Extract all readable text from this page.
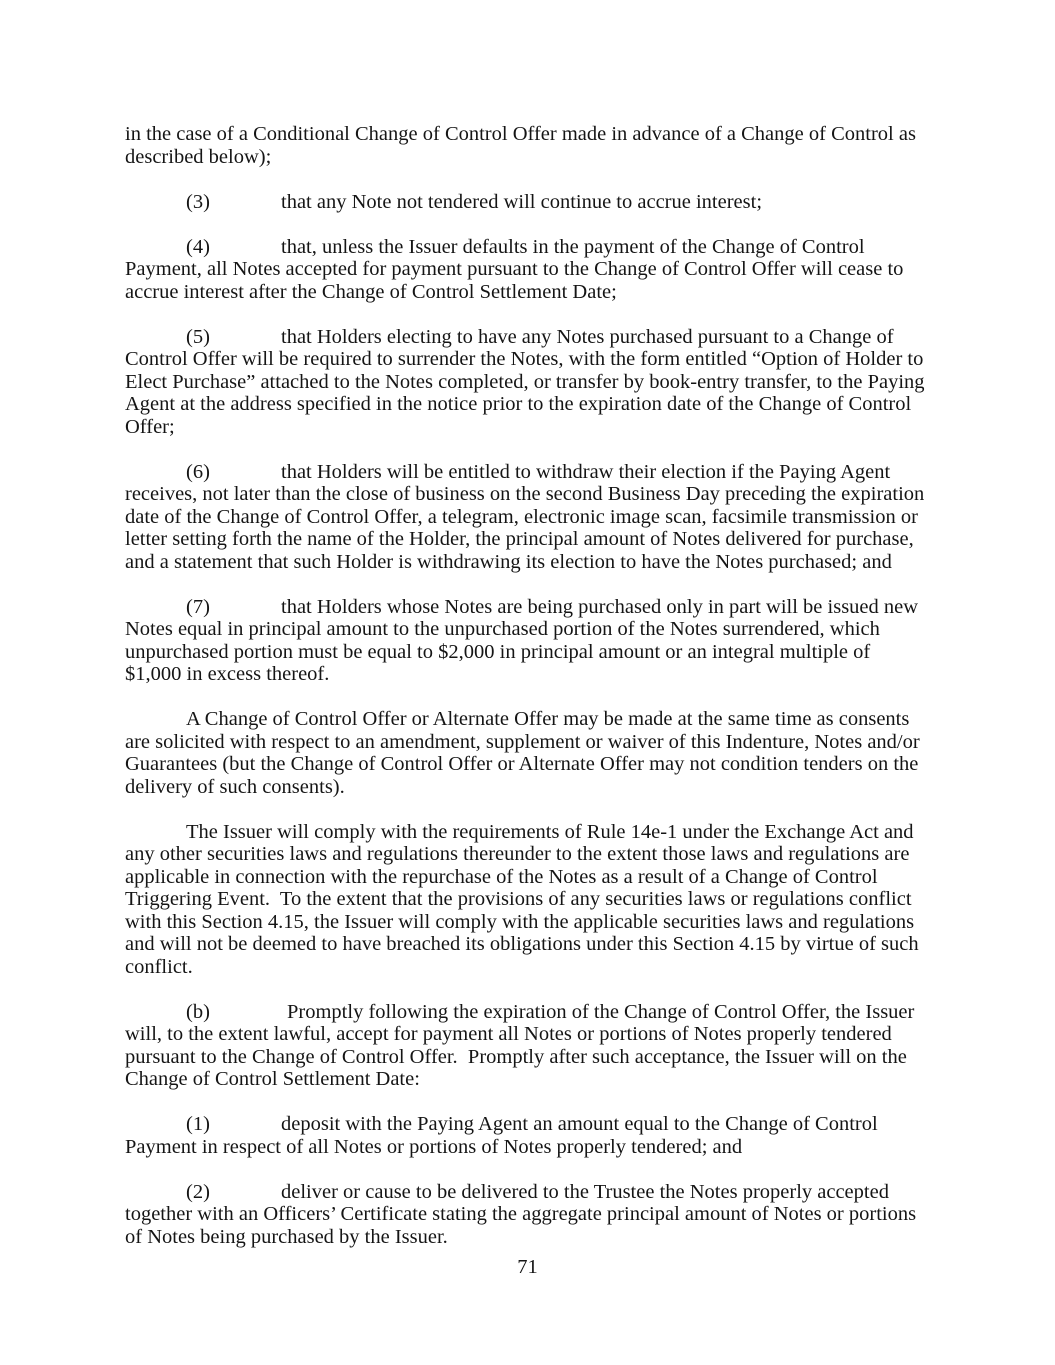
in the case of a Conditional Change of Control Offer made in advance of a Change of Control as described below);

(3)	that any Note not tendered will continue to accrue interest;

(4)	that, unless the Issuer defaults in the payment of the Change of Control Payment, all Notes accepted for payment pursuant to the Change of Control Offer will cease to accrue interest after the Change of Control Settlement Date;

(5)	that Holders electing to have any Notes purchased pursuant to a Change of Control Offer will be required to surrender the Notes, with the form entitled “Option of Holder to Elect Purchase” attached to the Notes completed, or transfer by book-entry transfer, to the Paying Agent at the address specified in the notice prior to the expiration date of the Change of Control Offer;

(6)	that Holders will be entitled to withdraw their election if the Paying Agent receives, not later than the close of business on the second Business Day preceding the expiration date of the Change of Control Offer, a telegram, electronic image scan, facsimile transmission or letter setting forth the name of the Holder, the principal amount of Notes delivered for purchase, and a statement that such Holder is withdrawing its election to have the Notes purchased; and

(7)	that Holders whose Notes are being purchased only in part will be issued new Notes equal in principal amount to the unpurchased portion of the Notes surrendered, which unpurchased portion must be equal to $2,000 in principal amount or an integral multiple of $1,000 in excess thereof.

A Change of Control Offer or Alternate Offer may be made at the same time as consents are solicited with respect to an amendment, supplement or waiver of this Indenture, Notes and/or Guarantees (but the Change of Control Offer or Alternate Offer may not condition tenders on the delivery of such consents).

The Issuer will comply with the requirements of Rule 14e-1 under the Exchange Act and any other securities laws and regulations thereunder to the extent those laws and regulations are applicable in connection with the repurchase of the Notes as a result of a Change of Control Triggering Event.  To the extent that the provisions of any securities laws or regulations conflict with this Section 4.15, the Issuer will comply with the applicable securities laws and regulations and will not be deemed to have breached its obligations under this Section 4.15 by virtue of such conflict.

(b)	Promptly following the expiration of the Change of Control Offer, the Issuer will, to the extent lawful, accept for payment all Notes or portions of Notes properly tendered pursuant to the Change of Control Offer.  Promptly after such acceptance, the Issuer will on the Change of Control Settlement Date:

(1)	deposit with the Paying Agent an amount equal to the Change of Control Payment in respect of all Notes or portions of Notes properly tendered; and

(2)	deliver or cause to be delivered to the Trustee the Notes properly accepted together with an Officers’ Certificate stating the aggregate principal amount of Notes or portions of Notes being purchased by the Issuer.

71
